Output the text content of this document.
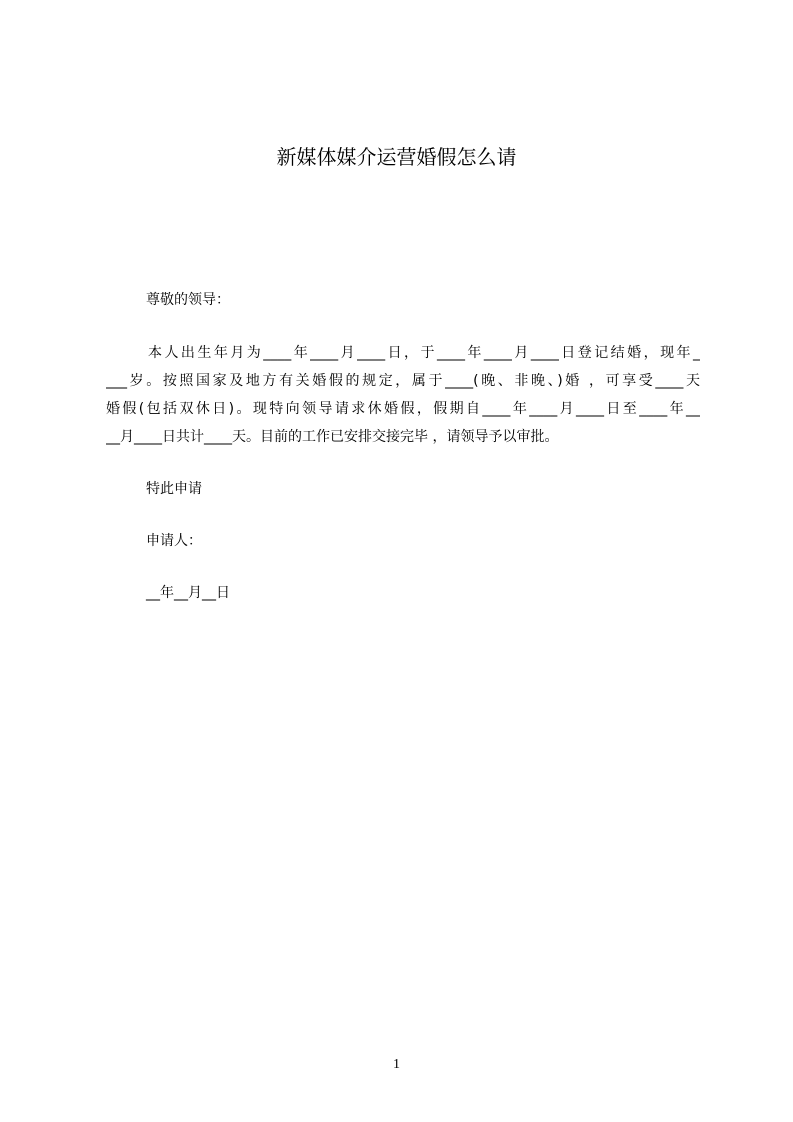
新媒体媒介运营婚假怎么请
尊敬的领导：
本人出生年月为____年____月____日，于____年____月____日登记结婚，现年_
___岁。按照国家及地方有关婚假的规定，属于____(晚、非晚、)婚 ，可享受____天
婚假(包括双休日)。现特向领导请求休婚假，假期自____年____月____日至____年__
__月____日共计____天。目前的工作已安排交接完毕 ，请领导予以审批。
特此申请
申请人：
__年__月__日
1
